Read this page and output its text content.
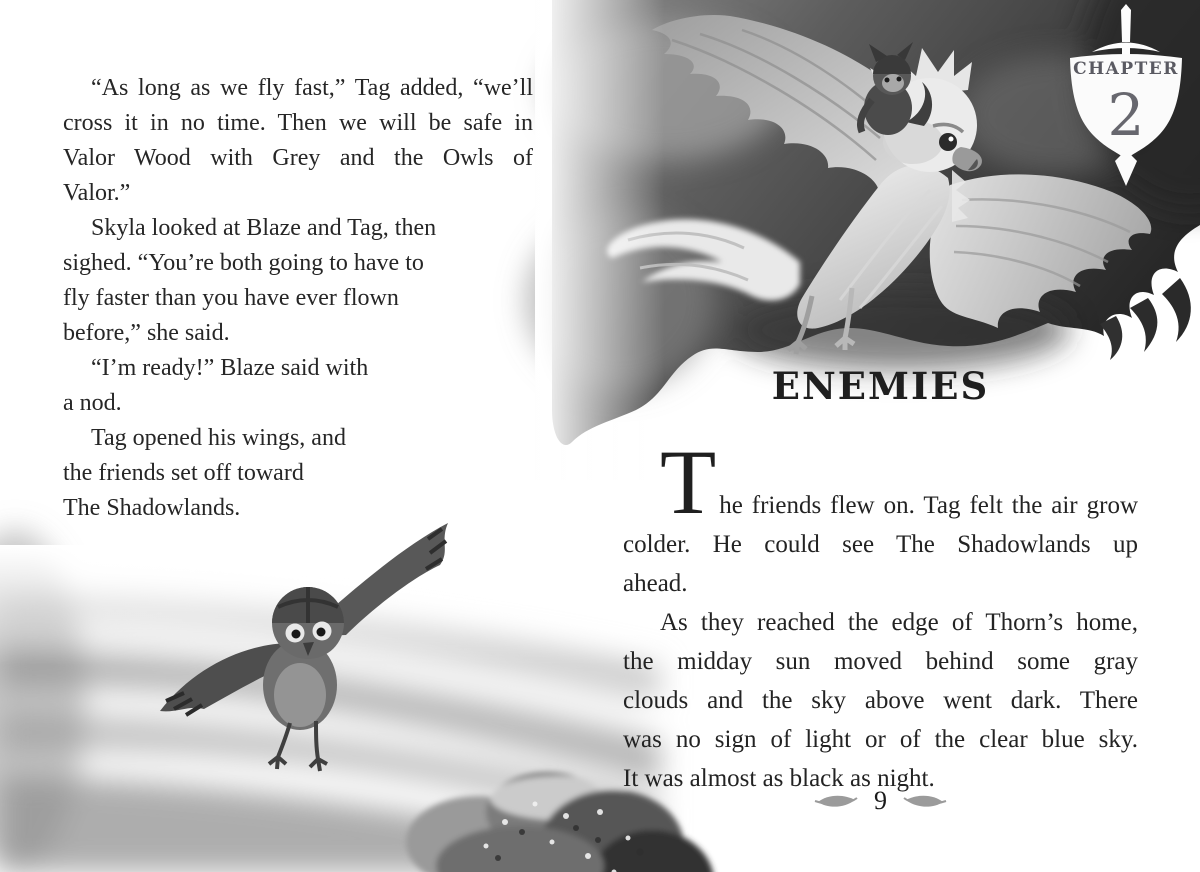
CHAPTER
2
“As long as we fly fast,” Tag added, “we’ll
cross it in no time. Then we will be safe in
Valor Wood with Grey and the Owls of
Valor.”
Skyla looked at Blaze and Tag, then
sighed. “You’re both going to have to
fly faster than you have ever flown
before,” she said.
“I’m ready!” Blaze said with
a nod.
Tag opened his wings, and
the friends set off toward
The Shadowlands.
ENEMIES
The friends flew on. Tag felt the air grow
colder. He could see The Shadowlands up
ahead.
As they reached the edge of Thorn’s home,
the midday sun moved behind some gray
clouds and the sky above went dark. There
was no sign of light or of the clear blue sky.
It was almost as black as night.
9
